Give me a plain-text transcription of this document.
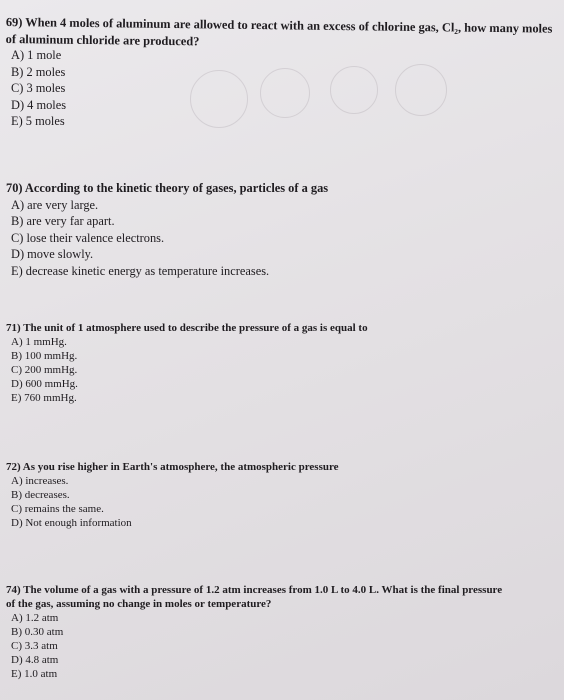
69) When 4 moles of aluminum are allowed to react with an excess of chlorine gas, Cl₂, how many moles
of aluminum chloride are produced?

A) 1 mole
B) 2 moles
C) 3 moles
D) 4 moles
E) 5 moles

70) According to the kinetic theory of gases, particles of a gas

A) are very large.
B) are very far apart.
C) lose their valence electrons.
D) move slowly.
E) decrease kinetic energy as temperature increases.

71) The unit of 1 atmosphere used to describe the pressure of a gas is equal to

A) 1 mmHg.
B) 100 mmHg.
C) 200 mmHg.
D) 600 mmHg.
E) 760 mmHg.

72) As you rise higher in Earth's atmosphere, the atmospheric pressure

A) increases.
B) decreases.
C) remains the same.
D) Not enough information

74) The volume of a gas with a pressure of 1.2 atm increases from 1.0 L to 4.0 L. What is the final pressure
of the gas, assuming no change in moles or temperature?

A) 1.2 atm
B) 0.30 atm
C) 3.3 atm
D) 4.8 atm
E) 1.0 atm
